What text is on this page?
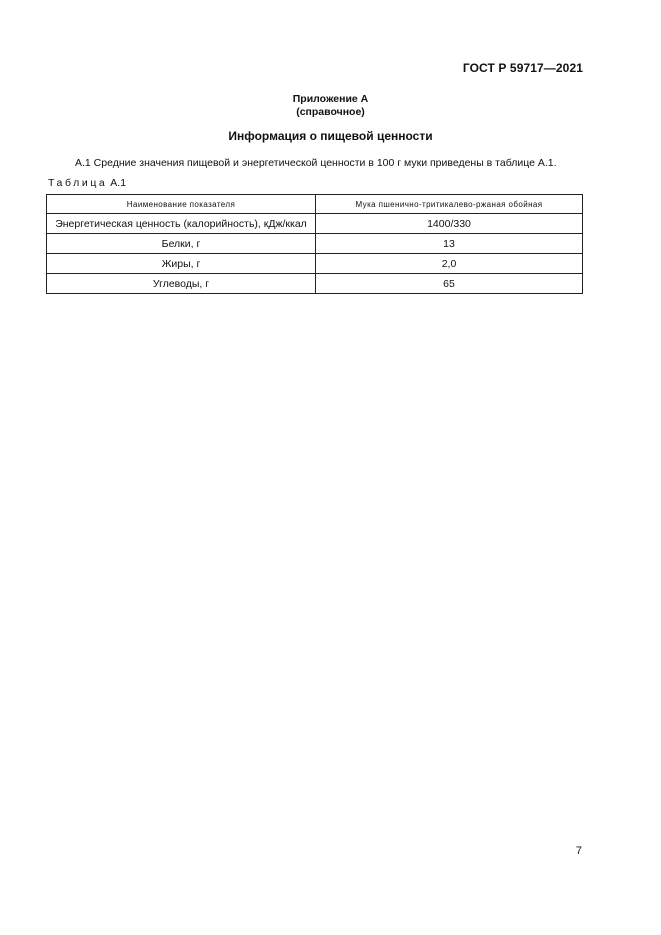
ГОСТ Р 59717—2021
Приложение А
(справочное)
Информация о пищевой ценности
А.1 Средние значения пищевой и энергетической ценности в 100 г муки приведены в таблице А.1.
Таблица А.1
Наименование показателя	Мука пшенично-тритикалево-ржаная обойная
Энергетическая ценность (калорийность), кДж/ккал	1400/330
Белки, г	13
Жиры, г	2,0
Углеводы, г	65
7
